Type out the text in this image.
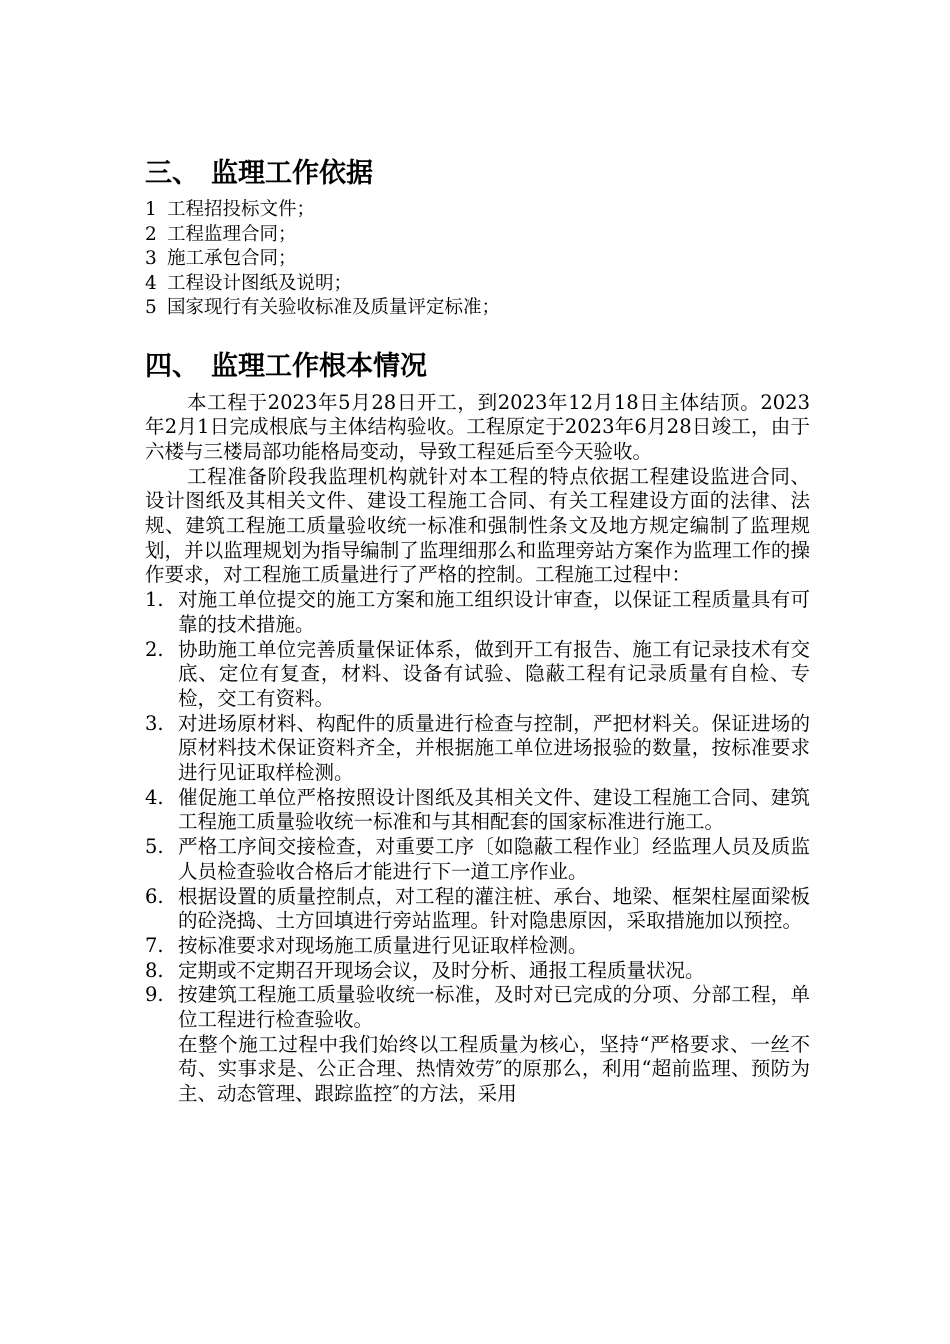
三、 监理工作依据
1 工程招投标文件；
2 工程监理合同；
3 施工承包合同；
4 工程设计图纸及说明；
5 国家现行有关验收标准及质量评定标准；
四、 监理工作根本情况

本工程于2023年5月28日开工，到2023年12月18日主体结顶。2023年2月1日完成根底与主体结构验收。工程原定于2023年6月28日竣工，由于六楼与三楼局部功能格局变动，导致工程延后至今天验收。

工程准备阶段我监理机构就针对本工程的特点依据工程建设监进合同、设计图纸及其相关文件、建设工程施工合同、有关工程建设方面的法律、法规、建筑工程施工质量验收统一标准和强制性条文及地方规定编制了监理规划，并以监理规划为指导编制了监理细那么和监理旁站方案作为监理工作的操作要求，对工程施工质量进行了严格的控制。工程施工过程中：

1. 对施工单位提交的施工方案和施工组织设计审查，以保证工程质量具有可靠的技术措施。
2. 协助施工单位完善质量保证体系，做到开工有报告、施工有记录技术有交底、定位有复查，材料、设备有试验、隐蔽工程有记录质量有自检、专检，交工有资料。
3. 对进场原材料、构配件的质量进行检查与控制，严把材料关。保证进场的原材料技术保证资料齐全，并根据施工单位进场报验的数量，按标准要求进行见证取样检测。
4. 催促施工单位严格按照设计图纸及其相关文件、建设工程施工合同、建筑工程施工质量验收统一标准和与其相配套的国家标准进行施工。
5. 严格工序间交接检查，对重要工序〔如隐蔽工程作业〕经监理人员及质监人员检查验收合格后才能进行下一道工序作业。
6. 根据设置的质量控制点，对工程的灌注桩、承台、地梁、框架柱屋面梁板的砼浇捣、土方回填进行旁站监理。针对隐患原因，采取措施加以预控。
7. 按标准要求对现场施工质量进行见证取样检测。
8. 定期或不定期召开现场会议，及时分析、通报工程质量状况。
9. 按建筑工程施工质量验收统一标准，及时对已完成的分项、分部工程，单位工程进行检查验收。

在整个施工过程中我们始终以工程质量为核心，坚持“严格要求、一丝不苟、实事求是、公正合理、热情效劳″的原那么，利用“超前监理、预防为主、动态管理、跟踪监控″的方法，采用
